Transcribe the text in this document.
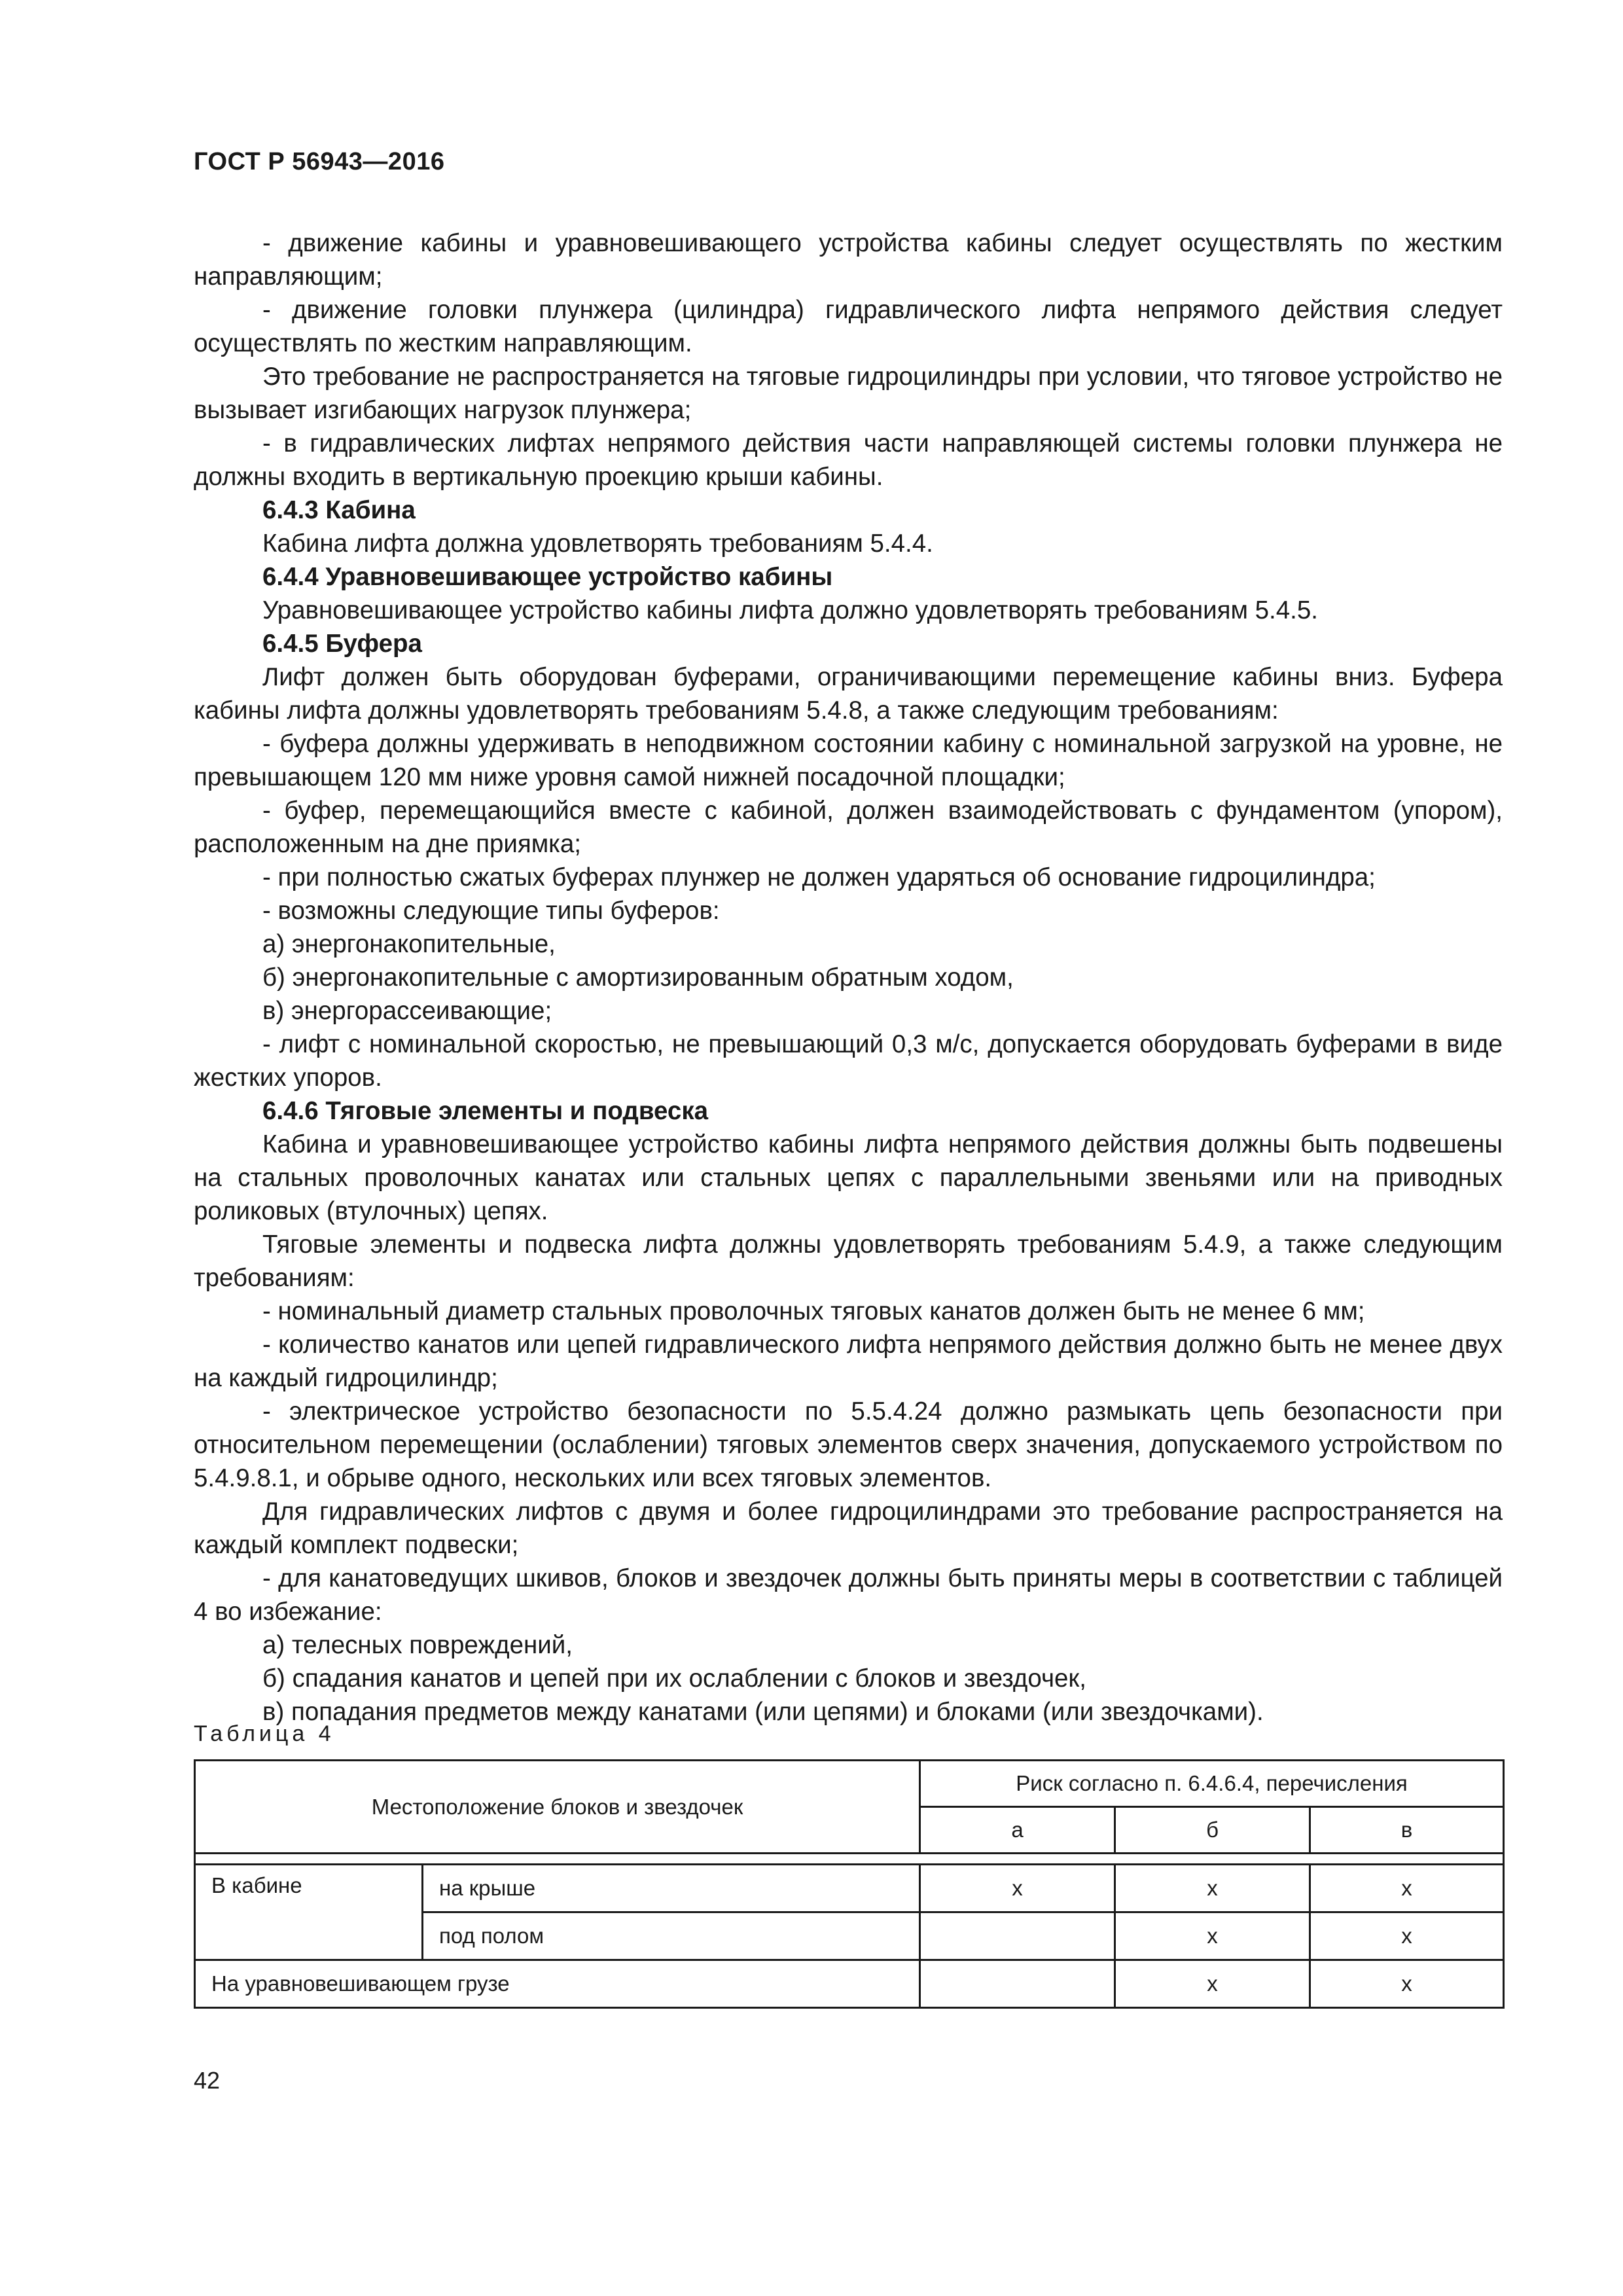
ГОСТ Р 56943—2016

- движение кабины и уравновешивающего устройства кабины следует осуществлять по жестким направляющим;

- движение головки плунжера (цилиндра) гидравлического лифта непрямого действия следует осуществлять по жестким направляющим.

Это требование не распространяется на тяговые гидроцилиндры при условии, что тяговое устройство не вызывает изгибающих нагрузок плунжера;

- в гидравлических лифтах непрямого действия части направляющей системы головки плунжера не должны входить в вертикальную проекцию крыши кабины.

6.4.3 Кабина

Кабина лифта должна удовлетворять требованиям 5.4.4.

6.4.4 Уравновешивающее устройство кабины

Уравновешивающее устройство кабины лифта должно удовлетворять требованиям 5.4.5.

6.4.5 Буфера

Лифт должен быть оборудован буферами, ограничивающими перемещение кабины вниз. Буфера кабины лифта должны удовлетворять требованиям 5.4.8, а также следующим требованиям:

- буфера должны удерживать в неподвижном состоянии кабину с номинальной загрузкой на уровне, не превышающем 120 мм ниже уровня самой нижней посадочной площадки;

- буфер, перемещающийся вместе с кабиной, должен взаимодействовать с фундаментом (упором), расположенным на дне приямка;

- при полностью сжатых буферах плунжер не должен ударяться об основание гидроцилиндра;

- возможны следующие типы буферов:

а) энергонакопительные,

б) энергонакопительные с амортизированным обратным ходом,

в) энергорассеивающие;

- лифт с номинальной скоростью, не превышающий 0,3 м/с, допускается оборудовать буферами в виде жестких упоров.

6.4.6 Тяговые элементы и подвеска

Кабина и уравновешивающее устройство кабины лифта непрямого действия должны быть подвешены на стальных проволочных канатах или стальных цепях с параллельными звеньями или на приводных роликовых (втулочных) цепях.

Тяговые элементы и подвеска лифта должны удовлетворять требованиям 5.4.9, а также следующим требованиям:

- номинальный диаметр стальных проволочных тяговых канатов должен быть не менее 6 мм;

- количество канатов или цепей гидравлического лифта непрямого действия должно быть не менее двух на каждый гидроцилиндр;

- электрическое устройство безопасности по 5.5.4.24 должно размыкать цепь безопасности при относительном перемещении (ослаблении) тяговых элементов сверх значения, допускаемого устройством по 5.4.9.8.1, и обрыве одного, нескольких или всех тяговых элементов.

Для гидравлических лифтов с двумя и более гидроцилиндрами это требование распространяется на каждый комплект подвески;

- для канатоведущих шкивов, блоков и звездочек должны быть приняты меры в соответствии с таблицей 4 во избежание:

а) телесных повреждений,

б) спадания канатов и цепей при их ослаблении с блоков и звездочек,

в) попадания предметов между канатами (или цепями) и блоками (или звездочками).

Таблица 4
Местоположение блоков и звездочек		Риск согласно п. 6.4.6.4, перечисления		
		а	б	в

В кабине	на крыше	х	х	х
	под полом		х	х
На уравновешивающем грузе			х	х
42
